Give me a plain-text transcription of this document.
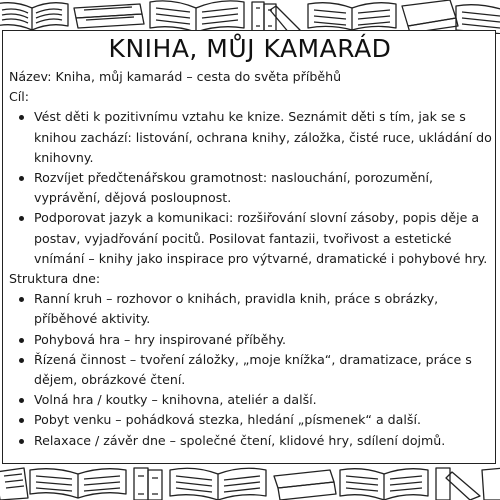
KNIHA, MŮJ KAMARÁD

Název: Kniha, můj kamarád – cesta do světa příběhů

Cíl:

Vést děti k pozitivnímu vztahu ke knize. Seznámit děti s tím, jak se s knihou zachází: listování, ochrana knihy, záložka, čisté ruce, ukládání do knihovny.
Rozvíjet předčtenářskou gramotnost: naslouchání, porozumění, vyprávění, dějová posloupnost.
Podporovat jazyk a komunikaci: rozšiřování slovní zásoby, popis děje a postav, vyjadřování pocitů. Posilovat fantazii, tvořivost a estetické vnímání – knihy jako inspirace pro výtvarné, dramatické i pohybové hry.

Struktura dne:

Ranní kruh – rozhovor o knihách, pravidla knih, práce s obrázky, příběhové aktivity.
Pohybová hra – hry inspirované příběhy.
Řízená činnost – tvoření záložky, „moje knížka“, dramatizace, práce s dějem, obrázkové čtení.
Volná hra / koutky – knihovna, ateliér a další.
Pobyt venku – pohádková stezka, hledání „písmenek“ a další.
Relaxace / závěr dne – společné čtení, klidové hry, sdílení dojmů.
